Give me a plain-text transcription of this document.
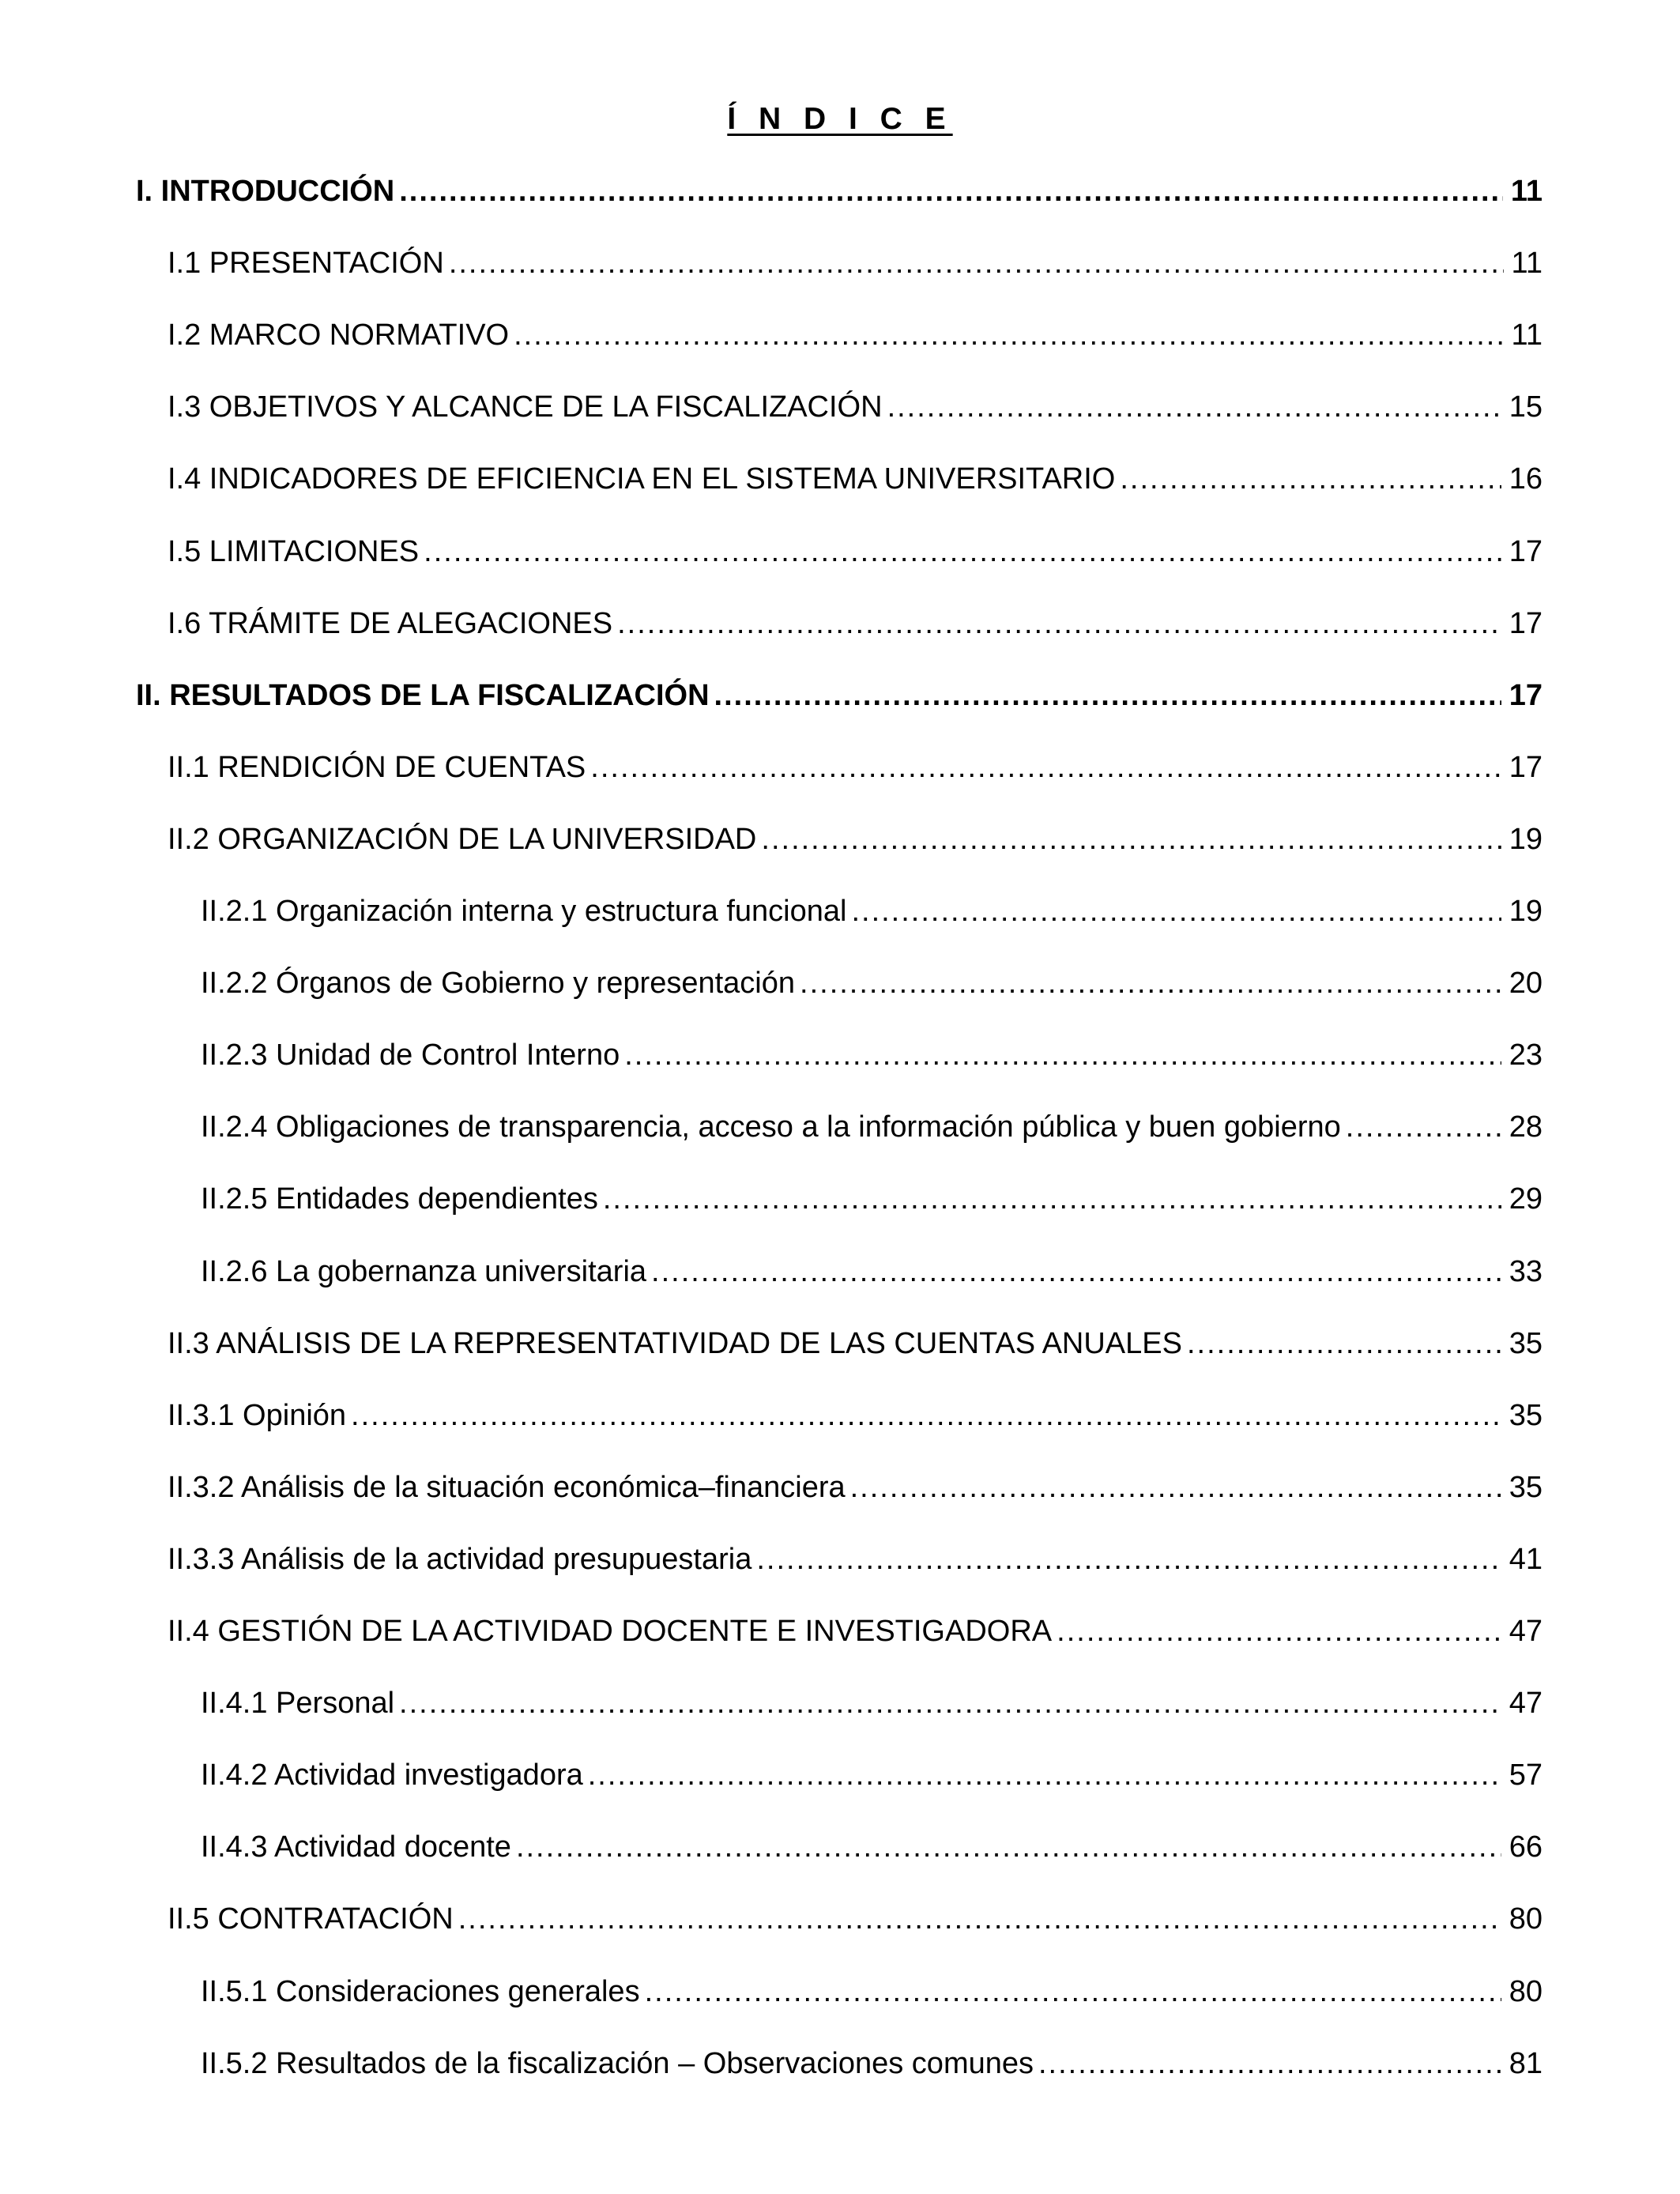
Í N D I C E
I. INTRODUCCIÓN .....	11
I.1 PRESENTACIÓN .....	11
I.2 MARCO NORMATIVO .....	11
I.3 OBJETIVOS Y ALCANCE DE LA FISCALIZACIÓN .....	15
I.4 INDICADORES DE EFICIENCIA EN EL SISTEMA UNIVERSITARIO .....	16
I.5 LIMITACIONES .....	17
I.6 TRÁMITE DE ALEGACIONES .....	17
II. RESULTADOS DE LA FISCALIZACIÓN .....	17
II.1 RENDICIÓN DE CUENTAS .....	17
II.2 ORGANIZACIÓN DE LA UNIVERSIDAD .....	19
II.2.1 Organización interna y estructura funcional .....	19
II.2.2 Órganos de Gobierno y representación .....	20
II.2.3 Unidad de Control Interno .....	23
II.2.4 Obligaciones de transparencia, acceso a la información pública y buen gobierno .....	28
II.2.5 Entidades dependientes .....	29
II.2.6 La gobernanza universitaria .....	33
II.3 ANÁLISIS DE LA REPRESENTATIVIDAD DE LAS CUENTAS ANUALES .....	35
II.3.1 Opinión .....	35
II.3.2 Análisis de la situación económica–financiera .....	35
II.3.3 Análisis de la actividad presupuestaria .....	41
II.4 GESTIÓN DE LA ACTIVIDAD DOCENTE E INVESTIGADORA .....	47
II.4.1 Personal .....	47
II.4.2 Actividad investigadora .....	57
II.4.3 Actividad docente .....	66
II.5 CONTRATACIÓN .....	80
II.5.1 Consideraciones generales .....	80
II.5.2 Resultados de la fiscalización – Observaciones comunes .....	81
